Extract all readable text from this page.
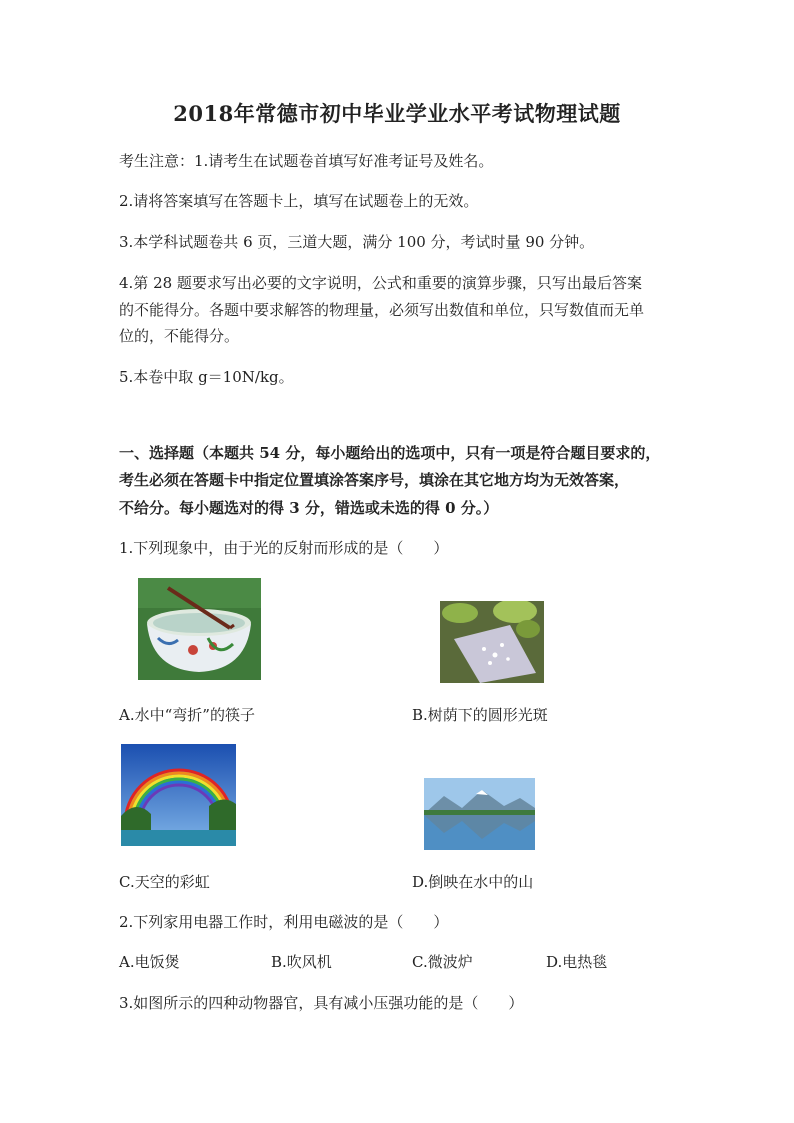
2018年常德市初中毕业学业水平考试物理试题
考生注意：1.请考生在试题卷首填写好准考证号及姓名。
2.请将答案填写在答题卡上，填写在试题卷上的无效。
3.本学科试题卷共 6 页，三道大题，满分 100 分，考试时量 90 分钟。
4.第 28 题要求写出必要的文字说明，公式和重要的演算步骤，只写出最后答案
的不能得分。各题中要求解答的物理量，必须写出数值和单位，只写数值而无单
位的，不能得分。
5.本卷中取 g＝10N/kg。
一、选择题（本题共 54 分，每小题给出的选项中，只有一项是符合题目要求的，
考生必须在答题卡中指定位置填涂答案序号，填涂在其它地方均为无效答案，
不给分。每小题选对的得 3 分，错选或未选的得 0 分。）
1.下列现象中，由于光的反射而形成的是（　　）
A.水中“弯折”的筷子	B.树荫下的圆形光斑
C.天空的彩虹	D.倒映在水中的山
2.下列家用电器工作时，利用电磁波的是（　　）
A.电饭煲	B.吹风机	C.微波炉	D.电热毯
3.如图所示的四种动物器官，具有减小压强功能的是（　　）
